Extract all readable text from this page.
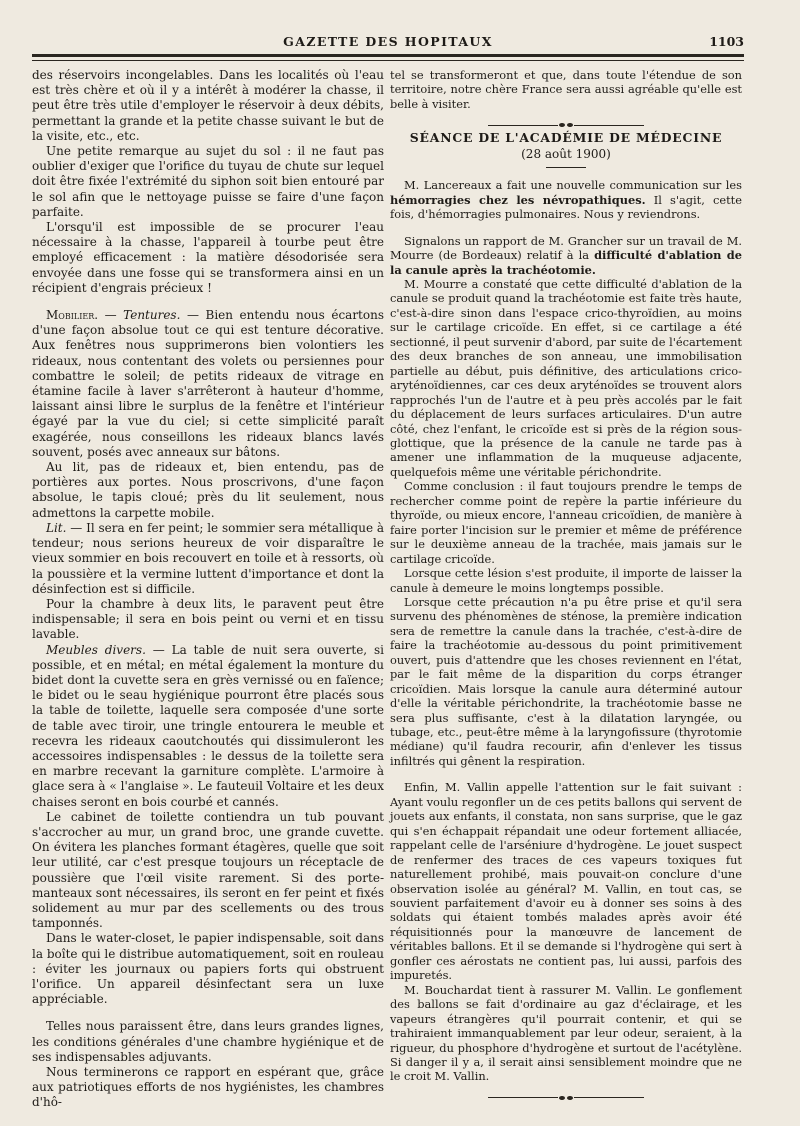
GAZETTE DES HOPITAUX	1103

des réservoirs incongelables. Dans les localités où l'eau est très chère et où il y a intérêt à modérer la chasse, il peut être très utile d'employer le réservoir à deux débits, permettant la grande et la petite chasse suivant le but de la visite, etc., etc.

Une petite remarque au sujet du sol : il ne faut pas oublier d'exiger que l'orifice du tuyau de chute sur lequel doit être fixée l'extrémité du siphon soit bien entouré par le sol afin que le nettoyage puisse se faire d'une façon parfaite.

L'orsqu'il est impossible de se procurer l'eau nécessaire à la chasse, l'appareil à tourbe peut être employé efficacement : la matière désodorisée sera envoyée dans une fosse qui se transformera ainsi en un récipient d'engrais précieux !

Mobilier. — Tentures. — Bien entendu nous écartons d'une façon absolue tout ce qui est tenture décorative. Aux fenêtres nous supprimerons bien volontiers les rideaux, nous contentant des volets ou persiennes pour combattre le soleil; de petits rideaux de vitrage en étamine facile à laver s'arrêteront à hauteur d'homme, laissant ainsi libre le surplus de la fenêtre et l'intérieur égayé par la vue du ciel; si cette simplicité paraît exagérée, nous conseillons les rideaux blancs lavés souvent, posés avec anneaux sur bâtons.

Au lit, pas de rideaux et, bien entendu, pas de portières aux portes. Nous proscrivons, d'une façon absolue, le tapis cloué; près du lit seulement, nous admettons la carpette mobile.

Lit. — Il sera en fer peint; le sommier sera métallique à tendeur; nous serions heureux de voir disparaître le vieux sommier en bois recouvert en toile et à ressorts, où la poussière et la vermine luttent d'importance et dont la désinfection est si difficile.

Pour la chambre à deux lits, le paravent peut être indispensable; il sera en bois peint ou verni et en tissu lavable.

Meubles divers. — La table de nuit sera ouverte, si possible, et en métal; en métal également la monture du bidet dont la cuvette sera en grès vernissé ou en faïence; le bidet ou le seau hygiénique pourront être placés sous la table de toilette, laquelle sera composée d'une sorte de table avec tiroir, une tringle entourera le meuble et recevra les rideaux caoutchoutés qui dissimuleront les accessoires indispensables : le dessus de la toilette sera en marbre recevant la garniture complète. L'armoire à glace sera à « l'anglaise ». Le fauteuil Voltaire et les deux chaises seront en bois courbé et cannés.

Le cabinet de toilette contiendra un tub pouvant s'accrocher au mur, un grand broc, une grande cuvette. On évitera les planches formant étagères, quelle que soit leur utilité, car c'est presque toujours un réceptacle de poussière que l'œil visite rarement. Si des porte-manteaux sont nécessaires, ils seront en fer peint et fixés solidement au mur par des scellements ou des trous tamponnés.

Dans le water-closet, le papier indispensable, soit dans la boîte qui le distribue automatiquement, soit en rouleau : éviter les journaux ou papiers forts qui obstruent l'orifice. Un appareil désinfectant sera un luxe appréciable.

Telles nous paraissent être, dans leurs grandes lignes, les conditions générales d'une chambre hygiénique et de ses indispensables adjuvants.

Nous terminerons ce rapport en espérant que, grâce aux patriotiques efforts de nos hygiénistes, les chambres d'hô-

tel se transformeront et que, dans toute l'étendue de son territoire, notre chère France sera aussi agréable qu'elle est belle à visiter.

SÉANCE DE L'ACADÉMIE DE MÉDECINE
(28 août 1900)

M. Lancereaux a fait une nouvelle communication sur les hémorragies chez les névropathiques. Il s'agit, cette fois, d'hémorragies pulmonaires. Nous y reviendrons.

Signalons un rapport de M. Grancher sur un travail de M. Mourre (de Bordeaux) relatif à la difficulté d'ablation de la canule après la trachéotomie.

M. Mourre a constaté que cette difficulté d'ablation de la canule se produit quand la trachéotomie est faite très haute, c'est-à-dire sinon dans l'espace crico-thyroïdien, au moins sur le cartilage cricoïde. En effet, si ce cartilage a été sectionné, il peut survenir d'abord, par suite de l'écartement des deux branches de son anneau, une immobilisation partielle au début, puis définitive, des articulations crico-aryténoïdiennes, car ces deux aryténoïdes se trouvent alors rapprochés l'un de l'autre et à peu près accolés par le fait du déplacement de leurs surfaces articulaires. D'un autre côté, chez l'enfant, le cricoïde est si près de la région sous-glottique, que la présence de la canule ne tarde pas à amener une inflammation de la muqueuse adjacente, quelquefois même une véritable périchondrite.

Comme conclusion : il faut toujours prendre le temps de rechercher comme point de repère la partie inférieure du thyroïde, ou mieux encore, l'anneau cricoïdien, de manière à faire porter l'incision sur le premier et même de préférence sur le deuxième anneau de la trachée, mais jamais sur le cartilage cricoïde.

Lorsque cette lésion s'est produite, il importe de laisser la canule à demeure le moins longtemps possible.

Lorsque cette précaution n'a pu être prise et qu'il sera survenu des phénomènes de sténose, la première indication sera de remettre la canule dans la trachée, c'est-à-dire de faire la trachéotomie au-dessous du point primitivement ouvert, puis d'attendre que les choses reviennent en l'état, par le fait même de la disparition du corps étranger cricoïdien. Mais lorsque la canule aura déterminé autour d'elle la véritable périchondrite, la trachéotomie basse ne sera plus suffisante, c'est à la dilatation laryngée, ou tubage, etc., peut-être même à la laryngofissure (thyrotomie médiane) qu'il faudra recourir, afin d'enlever les tissus infiltrés qui gênent la respiration.

Enfin, M. Vallin appelle l'attention sur le fait suivant : Ayant voulu regonfler un de ces petits ballons qui servent de jouets aux enfants, il constata, non sans surprise, que le gaz qui s'en échappait répandait une odeur fortement alliacée, rappelant celle de l'arséniure d'hydrogène. Le jouet suspect de renfermer des traces de ces vapeurs toxiques fut naturellement prohibé, mais pouvait-on conclure d'une observation isolée au général? M. Vallin, en tout cas, se souvient parfaitement d'avoir eu à donner ses soins à des soldats qui étaient tombés malades après avoir été réquisitionnés pour la manœuvre de lancement de véritables ballons. Et il se demande si l'hydrogène qui sert à gonfler ces aérostats ne contient pas, lui aussi, parfois des impuretés.

M. Bouchardat tient à rassurer M. Vallin. Le gonflement des ballons se fait d'ordinaire au gaz d'éclairage, et les vapeurs étrangères qu'il pourrait contenir, et qui se trahiraient immanquablement par leur odeur, seraient, à la rigueur, du phosphore d'hydrogène et surtout de l'acétylène. Si danger il y a, il serait ainsi sensiblement moindre que ne le croit M. Vallin.
